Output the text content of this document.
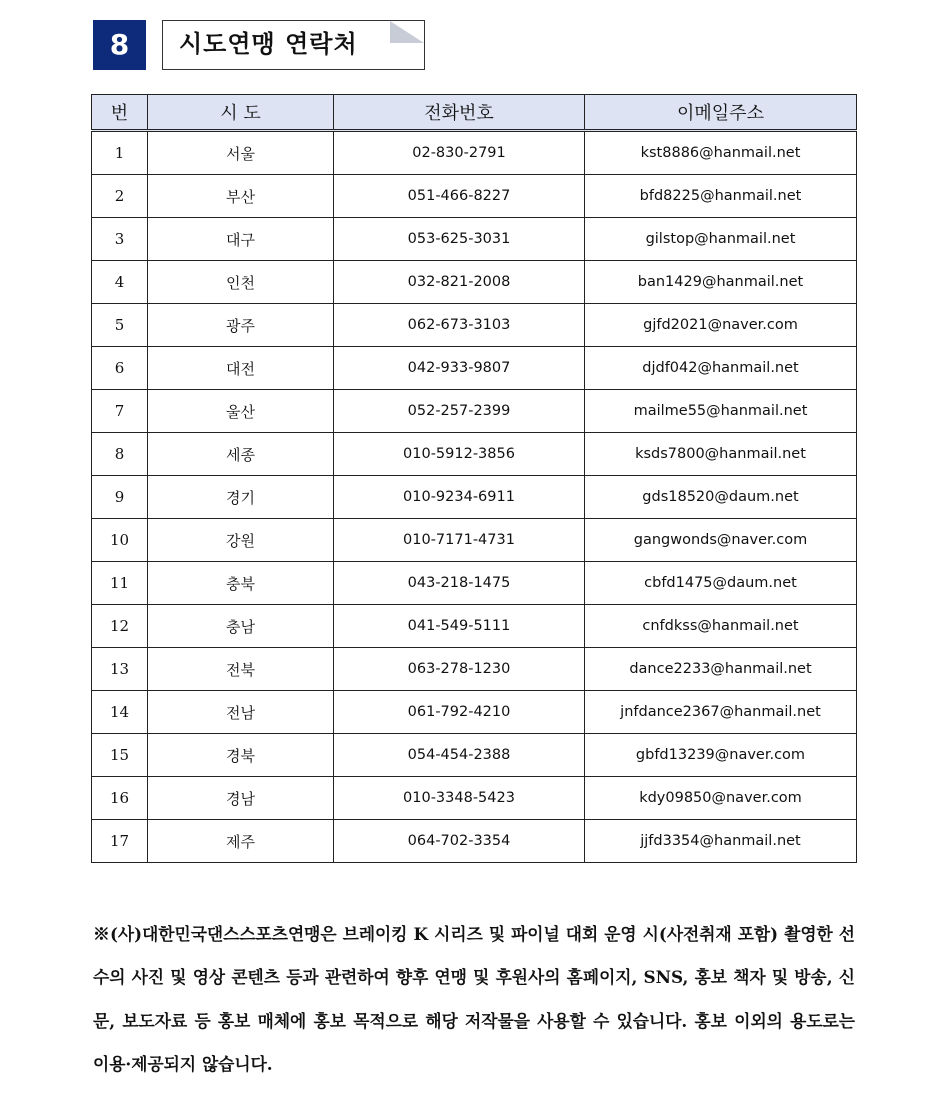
8	시도연맹 연락처
번	시 도	전화번호	이메일주소
1	서울	02-830-2791	kst8886@hanmail.net
2	부산	051-466-8227	bfd8225@hanmail.net
3	대구	053-625-3031	gilstop@hanmail.net
4	인천	032-821-2008	ban1429@hanmail.net
5	광주	062-673-3103	gjfd2021@naver.com
6	대전	042-933-9807	djdf042@hanmail.net
7	울산	052-257-2399	mailme55@hanmail.net
8	세종	010-5912-3856	ksds7800@hanmail.net
9	경기	010-9234-6911	gds18520@daum.net
10	강원	010-7171-4731	gangwonds@naver.com
11	충북	043-218-1475	cbfd1475@daum.net
12	충남	041-549-5111	cnfdkss@hanmail.net
13	전북	063-278-1230	dance2233@hanmail.net
14	전남	061-792-4210	jnfdance2367@hanmail.net
15	경북	054-454-2388	gbfd13239@naver.com
16	경남	010-3348-5423	kdy09850@naver.com
17	제주	064-702-3354	jjfd3354@hanmail.net

※(사)대한민국댄스스포츠연맹은 브레이킹 K 시리즈 및 파이널 대회 운영 시(사전취재 포함) 촬영한 선수의 사진 및 영상 콘텐츠 등과 관련하여 향후 연맹 및 후원사의 홈페이지, SNS, 홍보 책자 및 방송, 신문, 보도자료 등 홍보 매체에 홍보 목적으로 해당 저작물을 사용할 수 있습니다. 홍보 이외의 용도로는 이용·제공되지 않습니다.
